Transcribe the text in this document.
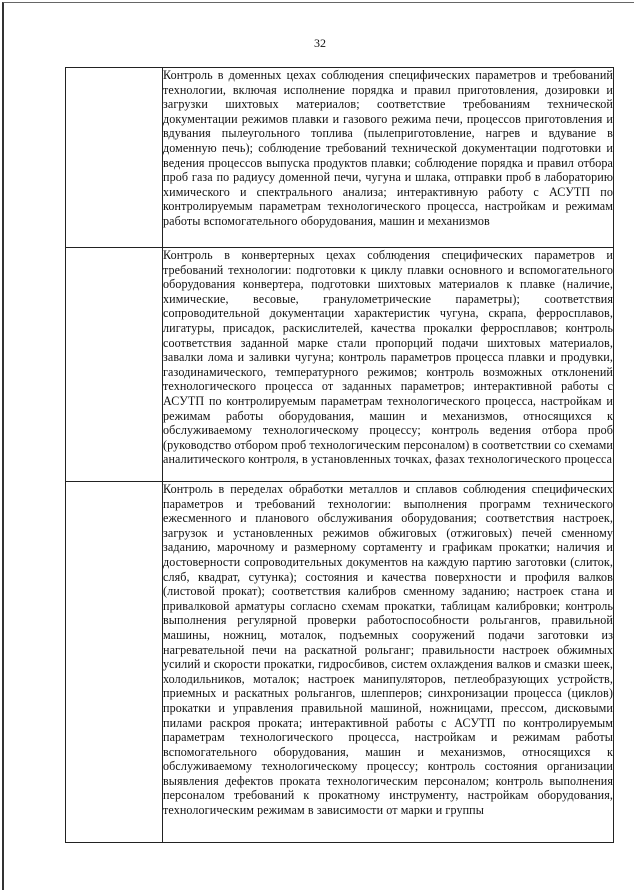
32
	Контроль в доменных цехах соблюдения специфических параметров и требований технологии, включая исполнение порядка и правил приготовления, дозировки и загрузки шихтовых материалов; соответствие требованиям технической документации режимов плавки и газового режима печи, процессов приготовления и вдувания пылеугольного топлива (пылеприготовление, нагрев и вдувание в доменную печь); соблюдение требований технической документации подготовки и ведения процессов выпуска продуктов плавки; соблюдение порядка и правил отбора проб газа по радиусу доменной печи, чугуна и шлака, отправки проб в лабораторию химического и спектрального анализа; интерактивную работу с АСУТП по контролируемым параметрам технологического процесса, настройкам и режимам работы вспомогательного оборудования, машин и механизмов
	Контроль в конвертерных цехах соблюдения специфических параметров и требований технологии: подготовки к циклу плавки основного и вспомогательного оборудования конвертера, подготовки шихтовых материалов к плавке (наличие, химические, весовые, гранулометрические параметры); соответствия сопроводительной документации характеристик чугуна, скрапа, ферросплавов, лигатуры, присадок, раскислителей, качества прокалки ферросплавов; контроль соответствия заданной марке стали пропорций подачи шихтовых материалов, завалки лома и заливки чугуна; контроль параметров процесса плавки и продувки, газодинамического, температурного режимов; контроль возможных отклонений технологического процесса от заданных параметров; интерактивной работы с АСУТП по контролируемым параметрам технологического процесса, настройкам и режимам работы оборудования, машин и механизмов, относящихся к обслуживаемому технологическому процессу; контроль ведения отбора проб (руководство отбором проб технологическим персоналом) в соответствии со схемами аналитического контроля, в установленных точках, фазах технологического процесса
	Контроль в переделах обработки металлов и сплавов соблюдения специфических параметров и требований технологии: выполнения программ технического ежесменного и планового обслуживания оборудования; соответствия настроек, загрузок и установленных режимов обжиговых (отжиговых) печей сменному заданию, марочному и размерному сортаменту и графикам прокатки; наличия и достоверности сопроводительных документов на каждую партию заготовки (слиток, сляб, квадрат, сутунка); состояния и качества поверхности и профиля валков (листовой прокат); соответствия калибров сменному заданию; настроек стана и привалковой арматуры согласно схемам прокатки, таблицам калибровки; контроль выполнения регулярной проверки работоспособности рольгангов, правильной машины, ножниц, моталок, подъемных сооружений подачи заготовки из нагревательной печи на раскатной рольганг; правильности настроек обжимных усилий и скорости прокатки, гидросбивов, систем охлаждения валков и смазки шеек, холодильников, моталок; настроек манипуляторов, петлеобразующих устройств, приемных и раскатных рольгангов, шлепперов; синхронизации процесса (циклов) прокатки и управления правильной машиной, ножницами, прессом, дисковыми пилами раскроя проката; интерактивной работы с АСУТП по контролируемым параметрам технологического процесса, настройкам и режимам работы вспомогательного оборудования, машин и механизмов, относящихся к обслуживаемому технологическому процессу; контроль состояния организации выявления дефектов проката технологическим персоналом; контроль выполнения персоналом требований к прокатному инструменту, настройкам оборудования, технологическим режимам в зависимости от марки и группы
